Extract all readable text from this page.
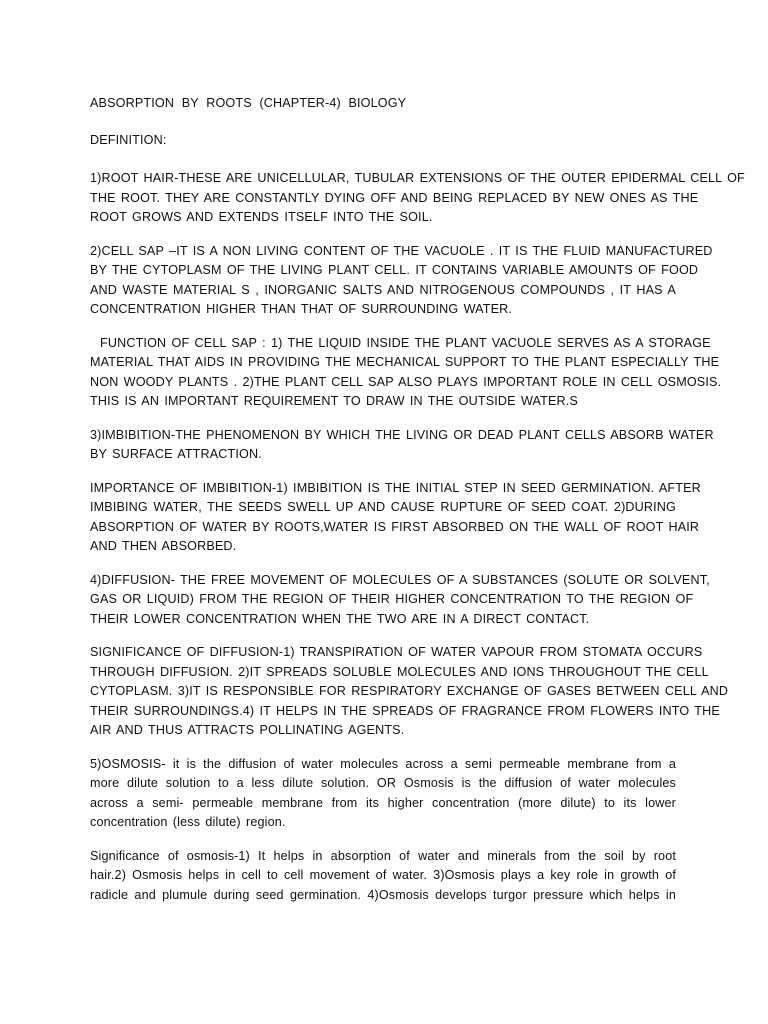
ABSORPTION BY ROOTS (CHAPTER-4) BIOLOGY
DEFINITION:
1)ROOT HAIR-THESE ARE UNICELLULAR, TUBULAR EXTENSIONS OF THE OUTER EPIDERMAL CELL OF
THE ROOT. THEY ARE CONSTANTLY DYING OFF AND BEING REPLACED BY NEW ONES AS THE
ROOT GROWS AND EXTENDS ITSELF INTO THE SOIL.
2)CELL SAP –IT IS A NON LIVING CONTENT OF THE VACUOLE . IT IS THE FLUID MANUFACTURED
BY THE CYTOPLASM OF THE LIVING PLANT CELL. IT CONTAINS VARIABLE AMOUNTS OF FOOD
AND WASTE MATERIAL S , INORGANIC SALTS AND NITROGENOUS COMPOUNDS , IT HAS A
CONCENTRATION HIGHER THAN THAT OF SURROUNDING WATER.
FUNCTION OF CELL SAP : 1) THE LIQUID INSIDE THE PLANT VACUOLE SERVES AS A STORAGE
MATERIAL THAT AIDS IN PROVIDING THE MECHANICAL SUPPORT TO THE PLANT ESPECIALLY THE
NON WOODY PLANTS . 2)THE PLANT CELL SAP ALSO PLAYS IMPORTANT ROLE IN CELL OSMOSIS.
THIS IS AN IMPORTANT REQUIREMENT TO DRAW IN THE OUTSIDE WATER.S
3)IMBIBITION-THE PHENOMENON BY WHICH THE LIVING OR DEAD PLANT CELLS ABSORB WATER
BY SURFACE ATTRACTION.
IMPORTANCE OF IMBIBITION-1) IMBIBITION IS THE INITIAL STEP IN SEED GERMINATION. AFTER
IMBIBING WATER, THE SEEDS SWELL UP AND CAUSE RUPTURE OF SEED COAT. 2)DURING
ABSORPTION OF WATER BY ROOTS,WATER IS FIRST ABSORBED ON THE WALL OF ROOT HAIR
AND THEN ABSORBED.
4)DIFFUSION- THE FREE MOVEMENT OF MOLECULES OF A SUBSTANCES (SOLUTE OR SOLVENT,
GAS OR LIQUID) FROM THE REGION OF THEIR HIGHER CONCENTRATION TO THE REGION OF
THEIR LOWER CONCENTRATION WHEN THE TWO ARE IN A DIRECT CONTACT.
SIGNIFICANCE OF DIFFUSION-1) TRANSPIRATION OF WATER VAPOUR FROM STOMATA OCCURS
THROUGH DIFFUSION. 2)IT SPREADS SOLUBLE MOLECULES AND IONS THROUGHOUT THE CELL
CYTOPLASM. 3)IT IS RESPONSIBLE FOR RESPIRATORY EXCHANGE OF GASES BETWEEN CELL AND
THEIR SURROUNDINGS.4) IT HELPS IN THE SPREADS OF FRAGRANCE FROM FLOWERS INTO THE
AIR AND THUS ATTRACTS POLLINATING AGENTS.
5)OSMOSIS- it is the diffusion of water molecules across a semi permeable membrane from a
more dilute solution to a less dilute solution. OR Osmosis is the diffusion of water molecules
across a semi- permeable membrane from its higher concentration (more dilute) to its lower
concentration (less dilute) region.
Significance of osmosis-1) It helps in absorption of water and minerals from the soil by root
hair.2) Osmosis helps in cell to cell movement of water. 3)Osmosis plays a key role in growth of
radicle and plumule during seed germination. 4)Osmosis develops turgor pressure which helps in
